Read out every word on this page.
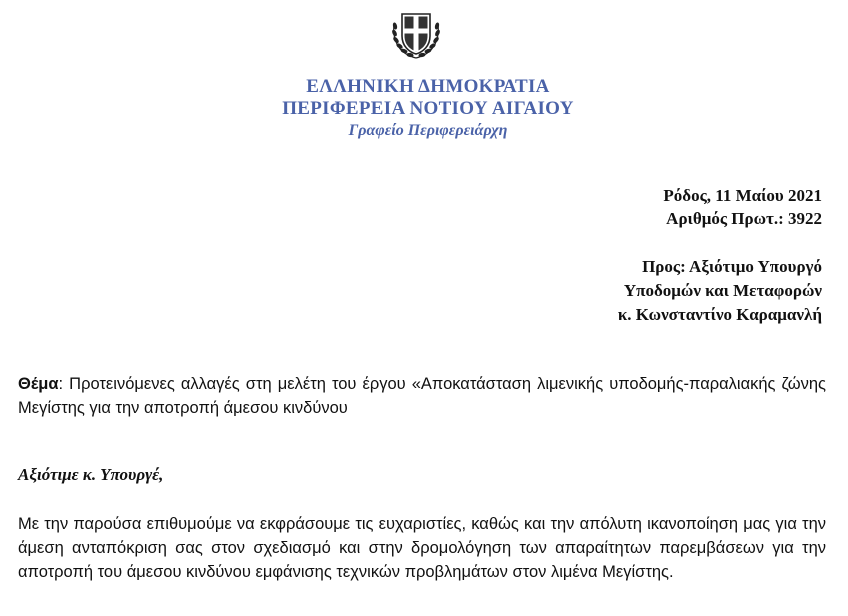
ΕΛΛΗΝΙΚΗ ΔΗΜΟΚΡΑΤΙΑ
ΠΕΡΙΦΕΡΕΙΑ ΝΟΤΙΟΥ ΑΙΓΑΙΟΥ
Γραφείο Περιφερειάρχη
Ρόδος, 11 Μαίου 2021
Αριθμός Πρωτ.: 3922
Προς: Αξιότιμο Υπουργό
Υποδομών και Μεταφορών
κ. Κωνσταντίνο Καραμανλή
Θέμα: Προτεινόμενες αλλαγές στη μελέτη του έργου «Αποκατάσταση λιμενικής υποδομής-παραλιακής ζώνης Μεγίστης για την αποτροπή άμεσου κινδύνου
Αξιότιμε κ. Υπουργέ,
Με την παρούσα επιθυμούμε να εκφράσουμε τις ευχαριστίες, καθώς και την απόλυτη ικανοποίηση μας για την άμεση ανταπόκριση σας στον σχεδιασμό και στην δρομολόγηση των απαραίτητων παρεμβάσεων για την αποτροπή του άμεσου κινδύνου εμφάνισης τεχνικών προβλημάτων στον λιμένα Μεγίστης.
